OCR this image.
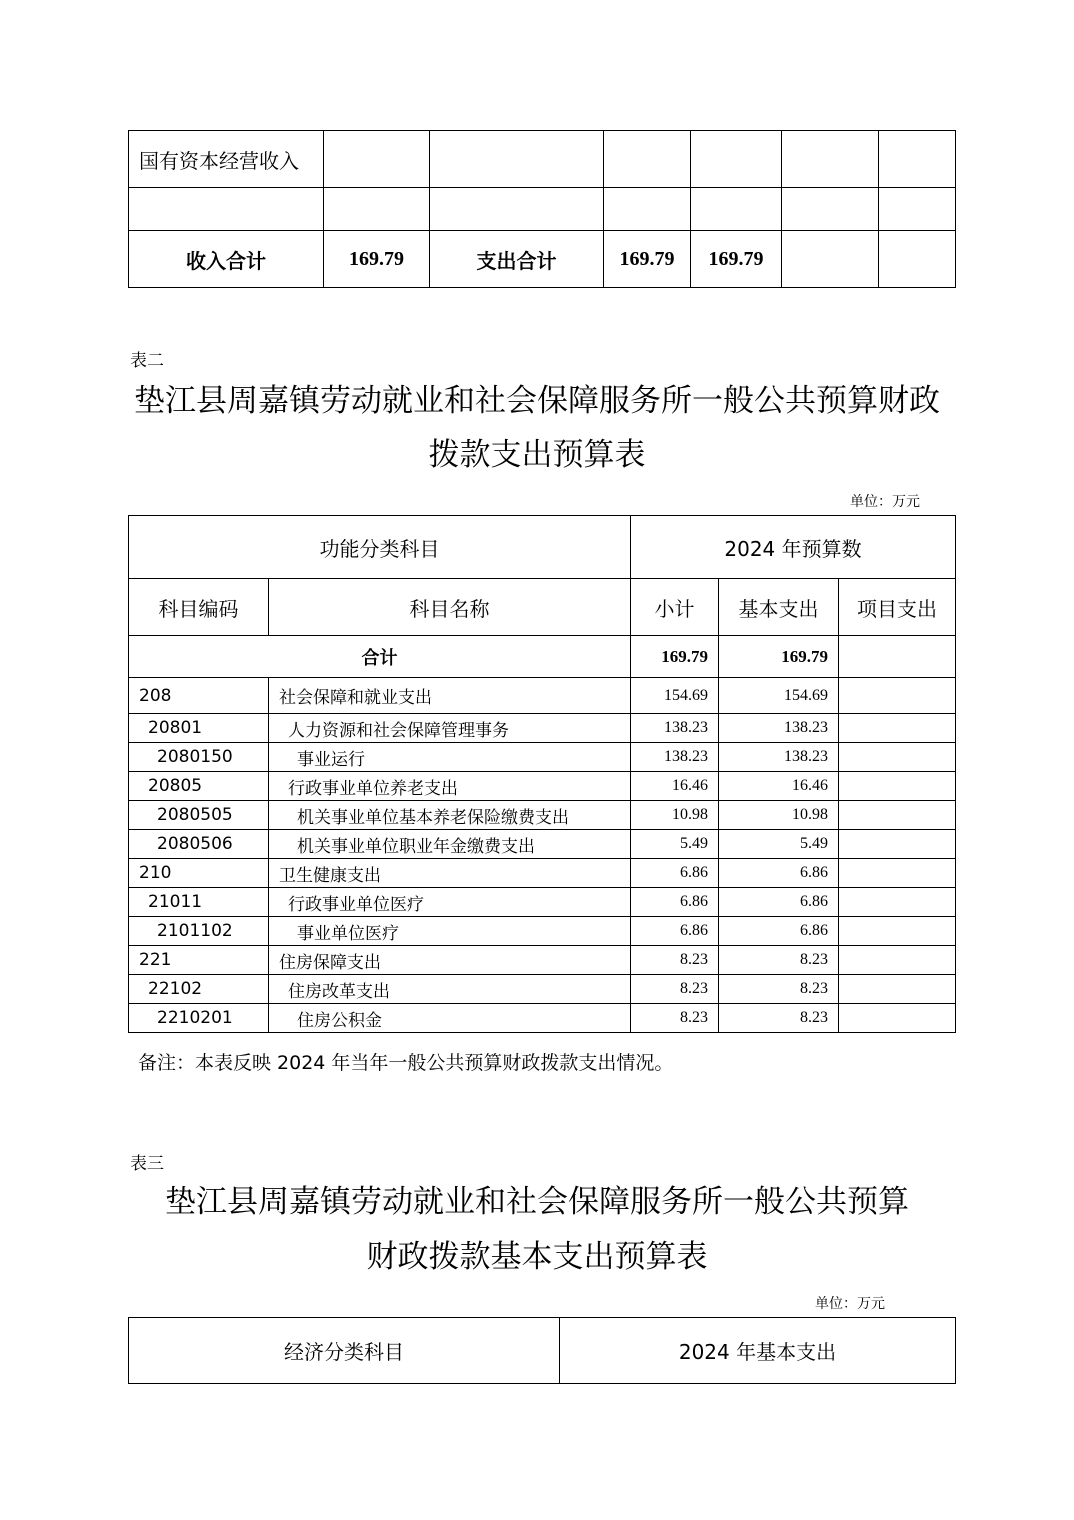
国有资本经营收入						

收入合计	169.79	支出合计	169.79	169.79		
表二
垫江县周嘉镇劳动就业和社会保障服务所一般公共预算财政
拨款支出预算表
单位：万元
功能分类科目		2024 年预算数		
科目编码	科目名称	小计	基本支出	项目支出
合计		169.79	169.79	
208	社会保障和就业支出	154.69	154.69	
20801	人力资源和社会保障管理事务	138.23	138.23	
2080150	事业运行	138.23	138.23	
20805	行政事业单位养老支出	16.46	16.46	
2080505	机关事业单位基本养老保险缴费支出	10.98	10.98	
2080506	机关事业单位职业年金缴费支出	5.49	5.49	
210	卫生健康支出	6.86	6.86	
21011	行政事业单位医疗	6.86	6.86	
2101102	事业单位医疗	6.86	6.86	
221	住房保障支出	8.23	8.23	
22102	住房改革支出	8.23	8.23	
2210201	住房公积金	8.23	8.23	
备注：本表反映 2024 年当年一般公共预算财政拨款支出情况。
表三
垫江县周嘉镇劳动就业和社会保障服务所一般公共预算
财政拨款基本支出预算表
单位：万元
经济分类科目	2024 年基本支出
